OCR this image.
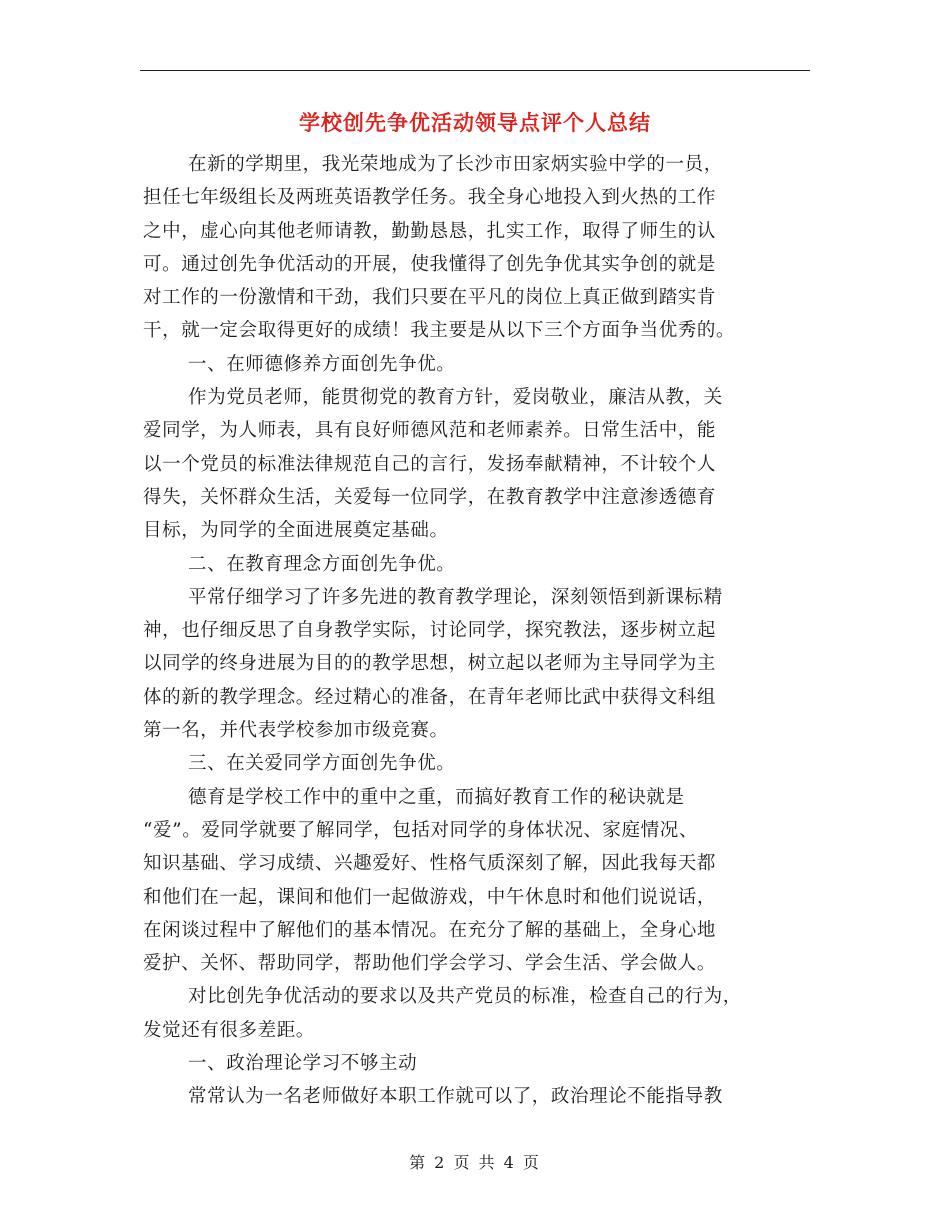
学校创先争优活动领导点评个人总结
在新的学期里，我光荣地成为了长沙市田家炳实验中学的一员，
担任七年级组长及两班英语教学任务。我全身心地投入到火热的工作
之中，虚心向其他老师请教，勤勤恳恳，扎实工作，取得了师生的认
可。通过创先争优活动的开展，使我懂得了创先争优其实争创的就是
对工作的一份激情和干劲，我们只要在平凡的岗位上真正做到踏实肯
干，就一定会取得更好的成绩！我主要是从以下三个方面争当优秀的。
一、在师德修养方面创先争优。
作为党员老师，能贯彻党的教育方针，爱岗敬业，廉洁从教，关
爱同学，为人师表，具有良好师德风范和老师素养。日常生活中，能
以一个党员的标准法律规范自己的言行，发扬奉献精神，不计较个人
得失，关怀群众生活，关爱每一位同学，在教育教学中注意渗透德育
目标，为同学的全面进展奠定基础。
二、在教育理念方面创先争优。
平常仔细学习了许多先进的教育教学理论，深刻领悟到新课标精
神，也仔细反思了自身教学实际，讨论同学，探究教法，逐步树立起
以同学的终身进展为目的的教学思想，树立起以老师为主导同学为主
体的新的教学理念。经过精心的准备，在青年老师比武中获得文科组
第一名，并代表学校参加市级竞赛。
三、在关爱同学方面创先争优。
德育是学校工作中的重中之重，而搞好教育工作的秘诀就是
“爱”。爱同学就要了解同学，包括对同学的身体状况、家庭情况、
知识基础、学习成绩、兴趣爱好、性格气质深刻了解，因此我每天都
和他们在一起，课间和他们一起做游戏，中午休息时和他们说说话，
在闲谈过程中了解他们的基本情况。在充分了解的基础上，全身心地
爱护、关怀、帮助同学，帮助他们学会学习、学会生活、学会做人。
对比创先争优活动的要求以及共产党员的标准，检查自己的行为，
发觉还有很多差距。
一、政治理论学习不够主动
常常认为一名老师做好本职工作就可以了，政治理论不能指导教
第 2 页 共 4 页
